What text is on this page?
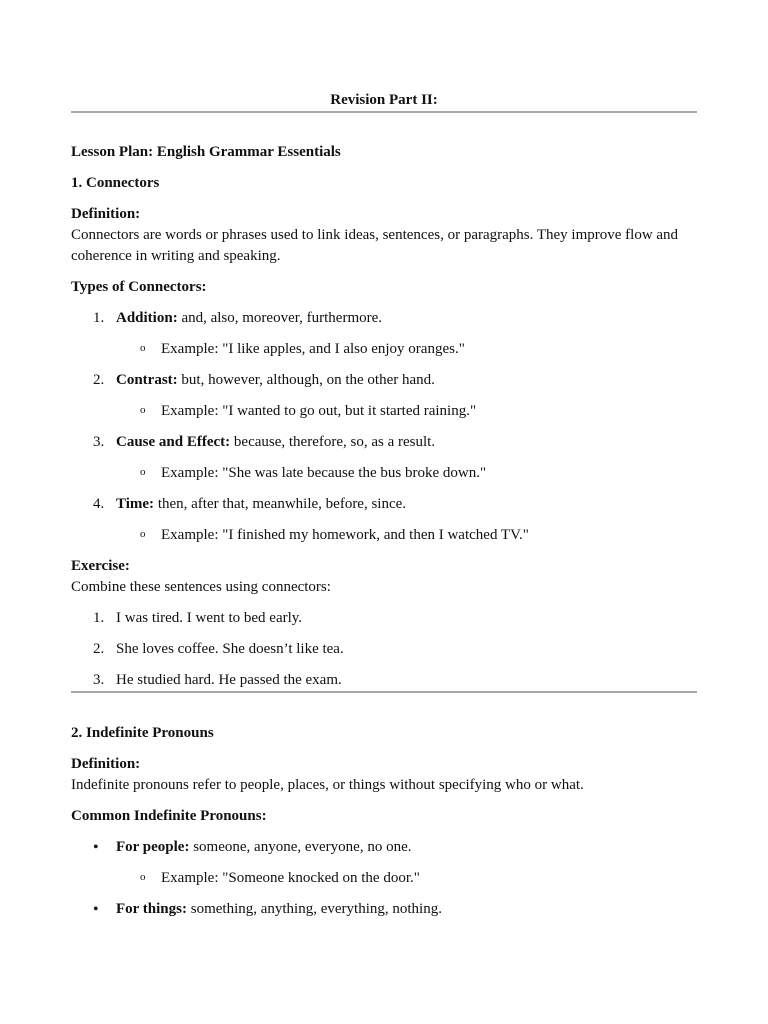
Revision Part II:

Lesson Plan: English Grammar Essentials

1. Connectors

Definition:

Connectors are words or phrases used to link ideas, sentences, or paragraphs. They improve flow and coherence in writing and speaking.

Types of Connectors:

1. Addition: and, also, moreover, furthermore.
o Example: "I like apples, and I also enjoy oranges."
2. Contrast: but, however, although, on the other hand.
o Example: "I wanted to go out, but it started raining."
3. Cause and Effect: because, therefore, so, as a result.
o Example: "She was late because the bus broke down."
4. Time: then, after that, meanwhile, before, since.
o Example: "I finished my homework, and then I watched TV."

Exercise:

Combine these sentences using connectors:

1. I was tired. I went to bed early.
2. She loves coffee. She doesn’t like tea.
3. He studied hard. He passed the exam.
2. Indefinite Pronouns

Definition:

Indefinite pronouns refer to people, places, or things without specifying who or what.

Common Indefinite Pronouns:

• For people: someone, anyone, everyone, no one.
o Example: "Someone knocked on the door."
• For things: something, anything, everything, nothing.
